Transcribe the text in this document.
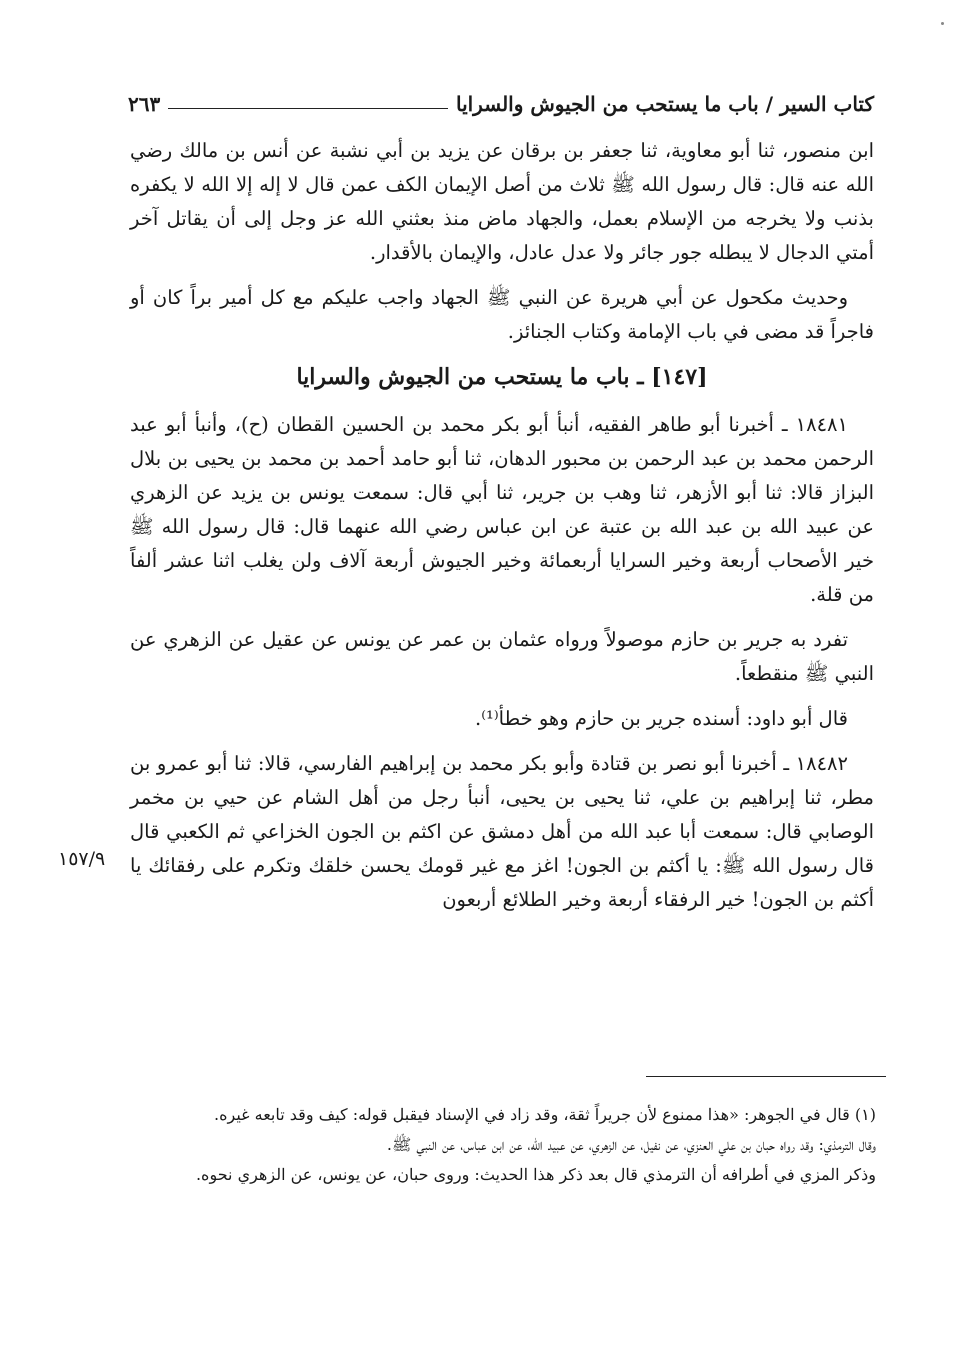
كتاب السير / باب ما يستحب من الجيوش والسرايا
٢٦٣

ابن منصور، ثنا أبو معاوية، ثنا جعفر بن برقان عن يزيد بن أبي نشبة عن أنس بن مالك رضي الله عنه قال: قال رسول الله ﷺ ثلاث من أصل الإيمان الكف عمن قال لا إله إلا الله لا يكفره بذنب ولا يخرجه من الإسلام بعمل، والجهاد ماض منذ بعثني الله عز وجل إلى أن يقاتل آخر أمتي الدجال لا يبطله جور جائر ولا عدل عادل، والإيمان بالأقدار.

وحديث مكحول عن أبي هريرة عن النبي ﷺ الجهاد واجب عليكم مع كل أمير براً كان أو فاجراً قد مضى في باب الإمامة وكتاب الجنائز.

[١٤٧] ـ باب ما يستحب من الجيوش والسرايا

١٨٤٨١ ـ أخبرنا أبو طاهر الفقيه، أنبأ أبو بكر محمد بن الحسين القطان (ح)، وأنبأ أبو عبد الرحمن محمد بن عبد الرحمن بن محبور الدهان، ثنا أبو حامد أحمد بن محمد بن يحيى بن بلال البزاز قالا: ثنا أبو الأزهر، ثنا وهب بن جرير، ثنا أبي قال: سمعت يونس بن يزيد عن الزهري عن عبيد الله بن عبد الله بن عتبة عن ابن عباس رضي الله عنهما قال: قال رسول الله ﷺ خير الأصحاب أربعة وخير السرايا أربعمائة وخير الجيوش أربعة آلاف ولن يغلب اثنا عشر ألفاً من قلة.

تفرد به جرير بن حازم موصولاً ورواه عثمان بن عمر عن يونس عن عقيل عن الزهري عن النبي ﷺ منقطعاً.

قال أبو داود: أسنده جرير بن حازم وهو خطأ⁽¹⁾.

١٨٤٨٢ ـ أخبرنا أبو نصر بن قتادة وأبو بكر محمد بن إبراهيم الفارسي، قالا: ثنا أبو عمرو بن مطر، ثنا إبراهيم بن علي، ثنا يحيى بن يحيى، أنبأ رجل من أهل الشام عن حيي بن مخمر الوصابي قال: سمعت أبا عبد الله من أهل دمشق عن اكثم بن الجون الخزاعي ثم الكعبي قال قال رسول الله ﷺ: يا أكثم بن الجون! اغز مع غير قومك يحسن خلقك وتكرم على رفقائك يا أكثم بن الجون! خير الرفقاء أربعة وخير الطلائع أربعون

١٥٧/٩

(١) قال في الجوهر: «هذا ممنوع لأن جريراً ثقة، وقد زاد في الإسناد فيقبل قوله: كيف وقد تابعه غيره.

وقال الترمذي: وقد رواه حبان بن علي العنزي، عن نفيل، عن الزهري، عن عبيد الله، عن ابن عباس، عن النبي ﷺ.

وذكر المزي في أطرافه أن الترمذي قال بعد ذكر هذا الحديث: وروى حبان، عن يونس، عن الزهري نحوه.
